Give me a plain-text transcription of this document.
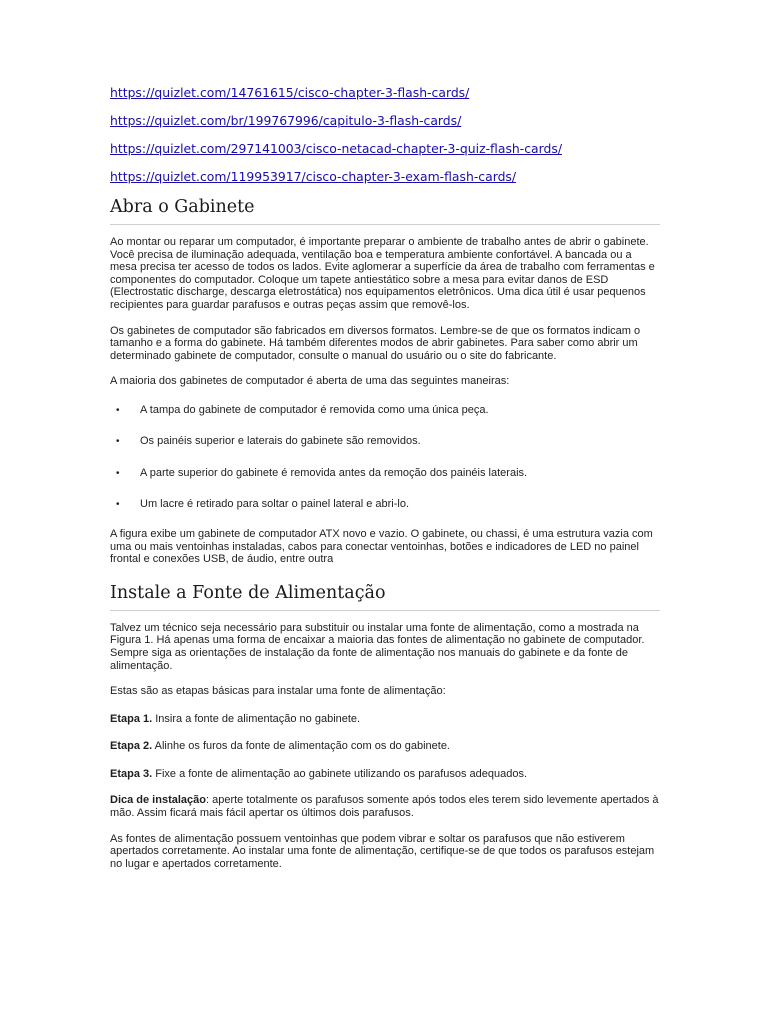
https://quizlet.com/14761615/cisco-chapter-3-flash-cards/
https://quizlet.com/br/199767996/capitulo-3-flash-cards/
https://quizlet.com/297141003/cisco-netacad-chapter-3-quiz-flash-cards/
https://quizlet.com/119953917/cisco-chapter-3-exam-flash-cards/
Abra o Gabinete

Ao montar ou reparar um computador, é importante preparar o ambiente de trabalho antes de abrir o gabinete. Você precisa de iluminação adequada, ventilação boa e temperatura ambiente confortável. A bancada ou a mesa precisa ter acesso de todos os lados. Evite aglomerar a superfície da área de trabalho com ferramentas e componentes do computador. Coloque um tapete antiestático sobre a mesa para evitar danos de ESD (Electrostatic discharge, descarga eletrostática) nos equipamentos eletrônicos. Uma dica útil é usar pequenos recipientes para guardar parafusos e outras peças assim que removê-los.

Os gabinetes de computador são fabricados em diversos formatos. Lembre-se de que os formatos indicam o tamanho e a forma do gabinete. Há também diferentes modos de abrir gabinetes. Para saber como abrir um determinado gabinete de computador, consulte o manual do usuário ou o site do fabricante.

A maioria dos gabinetes de computador é aberta de uma das seguintes maneiras:

• A tampa do gabinete de computador é removida como uma única peça.
• Os painéis superior e laterais do gabinete são removidos.
• A parte superior do gabinete é removida antes da remoção dos painéis laterais.
• Um lacre é retirado para soltar o painel lateral e abri-lo.

A figura exibe um gabinete de computador ATX novo e vazio. O gabinete, ou chassi, é uma estrutura vazia com uma ou mais ventoinhas instaladas, cabos para conectar ventoinhas, botões e indicadores de LED no painel frontal e conexões USB, de áudio, entre outra

Instale a Fonte de Alimentação

Talvez um técnico seja necessário para substituir ou instalar uma fonte de alimentação, como a mostrada na Figura 1. Há apenas uma forma de encaixar a maioria das fontes de alimentação no gabinete de computador. Sempre siga as orientações de instalação da fonte de alimentação nos manuais do gabinete e da fonte de alimentação.

Estas são as etapas básicas para instalar uma fonte de alimentação:

Etapa 1. Insira a fonte de alimentação no gabinete.

Etapa 2. Alinhe os furos da fonte de alimentação com os do gabinete.

Etapa 3. Fixe a fonte de alimentação ao gabinete utilizando os parafusos adequados.

Dica de instalação: aperte totalmente os parafusos somente após todos eles terem sido levemente apertados à mão. Assim ficará mais fácil apertar os últimos dois parafusos.

As fontes de alimentação possuem ventoinhas que podem vibrar e soltar os parafusos que não estiverem apertados corretamente. Ao instalar uma fonte de alimentação, certifique-se de que todos os parafusos estejam no lugar e apertados corretamente.
